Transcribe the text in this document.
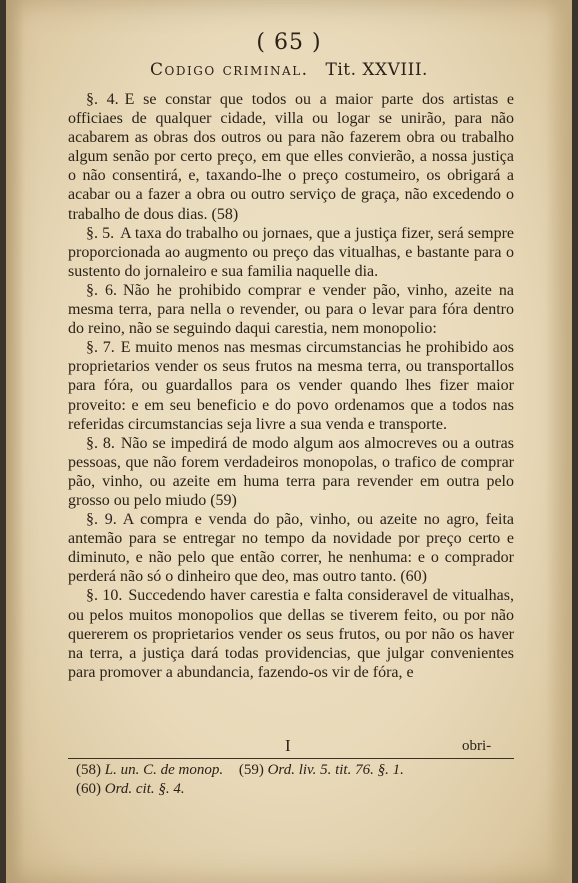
( 65 )
Codigo criminal. Tit. XXVIII.

§. 4. E se constar que todos ou a maior parte dos artistas e officiaes de qualquer cidade, villa ou logar se unirão, para não acabarem as obras dos outros ou para não fazerem obra ou trabalho algum senão por certo preço, em que elles convierão, a nossa justiça o não consentirá, e, taxando-lhe o preço costumeiro, os obrigará a acabar ou a fazer a obra ou outro serviço de graça, não excedendo o trabalho de dous dias. (58)

§. 5. A taxa do trabalho ou jornaes, que a justiça fizer, será sempre proporcionada ao augmento ou preço das vitualhas, e bastante para o sustento do jornaleiro e sua familia naquelle dia.

§. 6. Não he prohibido comprar e vender pão, vinho, azeite na mesma terra, para nella o revender, ou para o levar para fóra dentro do reino, não se seguindo daqui carestia, nem monopolio:

§. 7. E muito menos nas mesmas circumstancias he prohibido aos proprietarios vender os seus frutos na mesma terra, ou transportallos para fóra, ou guardallos para os vender quando lhes fizer maior proveito: e em seu beneficio e do povo ordenamos que a todos nas referidas circumstancias seja livre a sua venda e transporte.

§. 8. Não se impedirá de modo algum aos almocreves ou a outras pessoas, que não forem verdadeiros monopolas, o trafico de comprar pão, vinho, ou azeite em huma terra para revender em outra pelo grosso ou pelo miudo (59)

§. 9. A compra e venda do pão, vinho, ou azeite no agro, feita antemão para se entregar no tempo da novidade por preço certo e diminuto, e não pelo que então correr, he nenhuma: e o comprador perderá não só o dinheiro que deo, mas outro tanto. (60)

§. 10. Succedendo haver carestia e falta consideravel de vitualhas, ou pelos muitos monopolios que dellas se tiverem feito, ou por não quererem os proprietarios vender os seus frutos, ou por não os haver na terra, a justiça dará todas providencias, que julgar convenientes para promover a abundancia, fazendo-os vir de fóra, e

I	obri-

(58) L. un. C. de monop. (59) Ord. liv. 5. tit. 76. §. 1.

(60) Ord. cit. §. 4.
